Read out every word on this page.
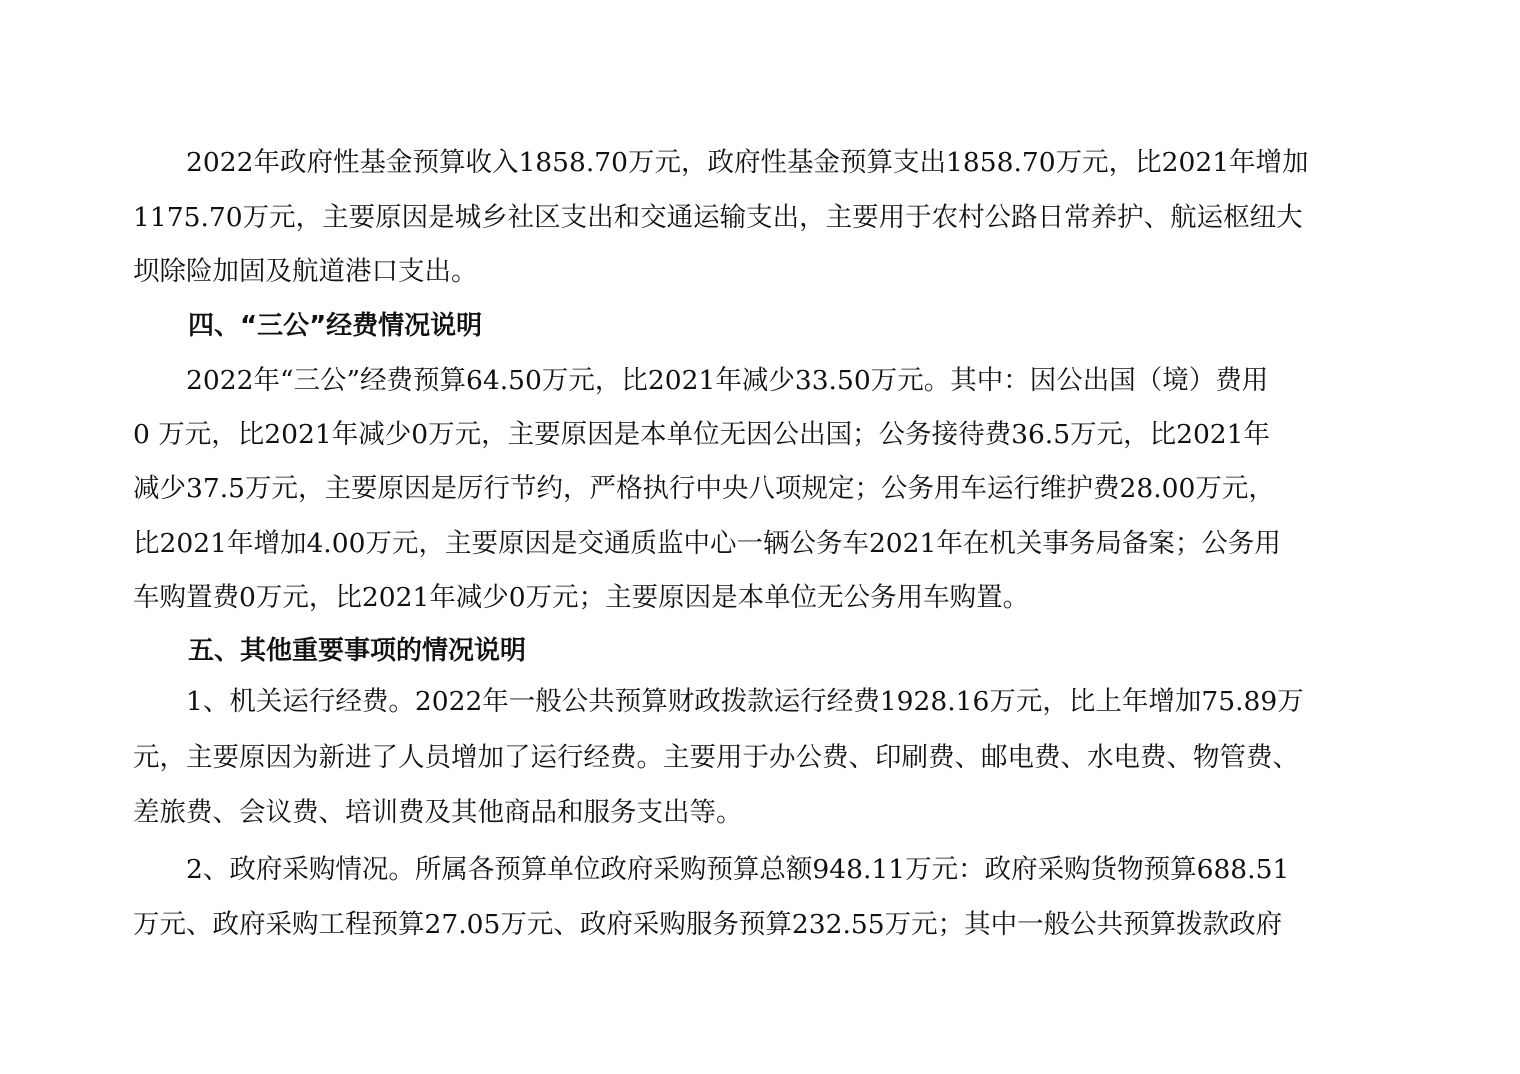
2022年政府性基金预算收入1858.70万元，政府性基金预算支出1858.70万元，比2021年增加
1175.70万元，主要原因是城乡社区支出和交通运输支出，主要用于农村公路日常养护、航运枢纽大
坝除险加固及航道港口支出。
四、“三公”经费情况说明
2022年“三公”经费预算64.50万元，比2021年减少33.50万元。其中：因公出国（境）费用
0 万元，比2021年减少0万元，主要原因是本单位无因公出国；公务接待费36.5万元，比2021年
减少37.5万元，主要原因是厉行节约，严格执行中央八项规定；公务用车运行维护费28.00万元，
比2021年增加4.00万元，主要原因是交通质监中心一辆公务车2021年在机关事务局备案；公务用
车购置费0万元，比2021年减少0万元；主要原因是本单位无公务用车购置。
五、其他重要事项的情况说明
1、机关运行经费。2022年一般公共预算财政拨款运行经费1928.16万元，比上年增加75.89万
元，主要原因为新进了人员增加了运行经费。主要用于办公费、印刷费、邮电费、水电费、物管费、
差旅费、会议费、培训费及其他商品和服务支出等。
2、政府采购情况。所属各预算单位政府采购预算总额948.11万元：政府采购货物预算688.51
万元、政府采购工程预算27.05万元、政府采购服务预算232.55万元；其中一般公共预算拨款政府
